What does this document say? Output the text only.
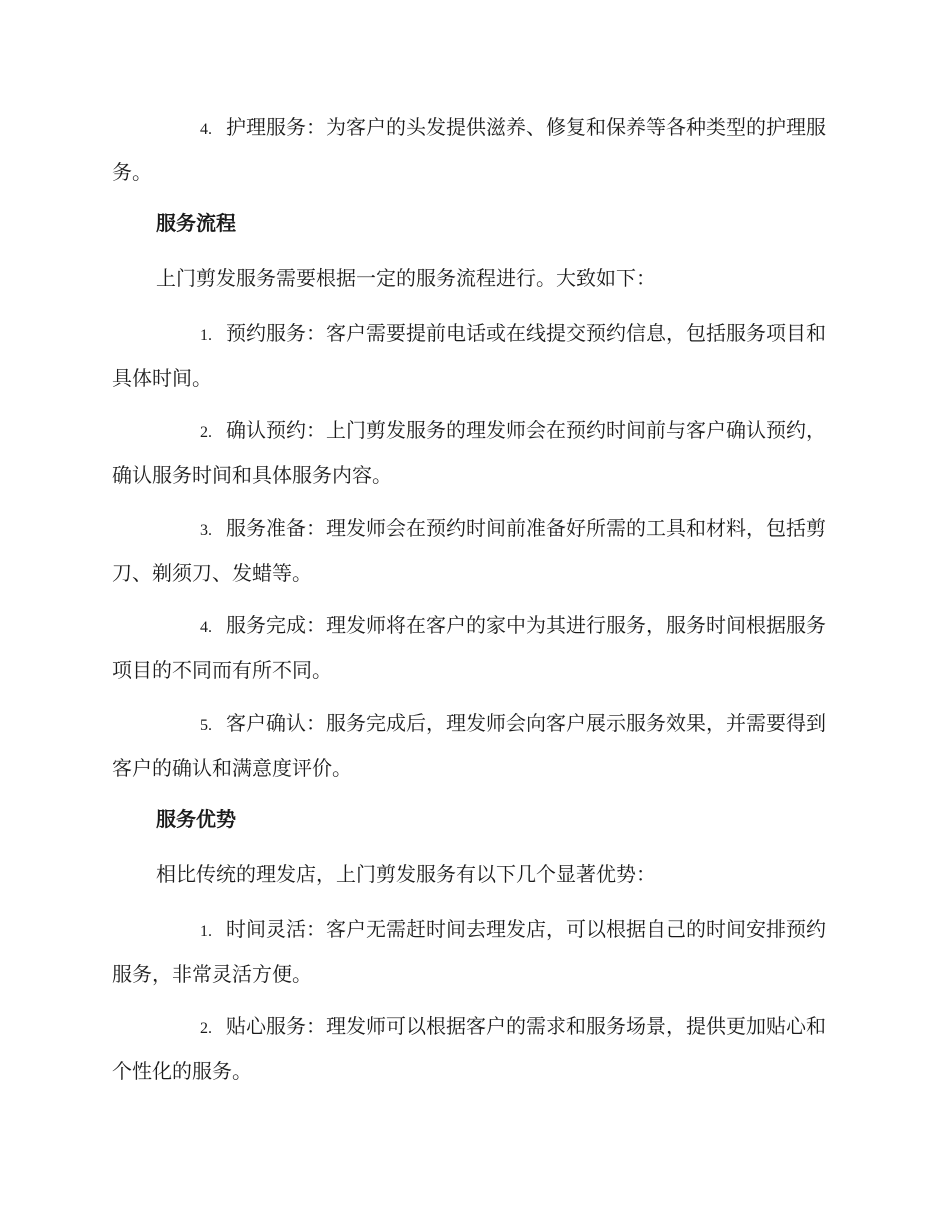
4. 护理服务：为客户的头发提供滋养、修复和保养等各种类型的护理服务。

服务流程

上门剪发服务需要根据一定的服务流程进行。大致如下：

1. 预约服务：客户需要提前电话或在线提交预约信息，包括服务项目和具体时间。

2. 确认预约：上门剪发服务的理发师会在预约时间前与客户确认预约，确认服务时间和具体服务内容。

3. 服务准备：理发师会在预约时间前准备好所需的工具和材料，包括剪刀、剃须刀、发蜡等。

4. 服务完成：理发师将在客户的家中为其进行服务，服务时间根据服务项目的不同而有所不同。

5. 客户确认：服务完成后，理发师会向客户展示服务效果，并需要得到客户的确认和满意度评价。

服务优势

相比传统的理发店，上门剪发服务有以下几个显著优势：

1. 时间灵活：客户无需赶时间去理发店，可以根据自己的时间安排预约服务，非常灵活方便。

2. 贴心服务：理发师可以根据客户的需求和服务场景，提供更加贴心和个性化的服务。
